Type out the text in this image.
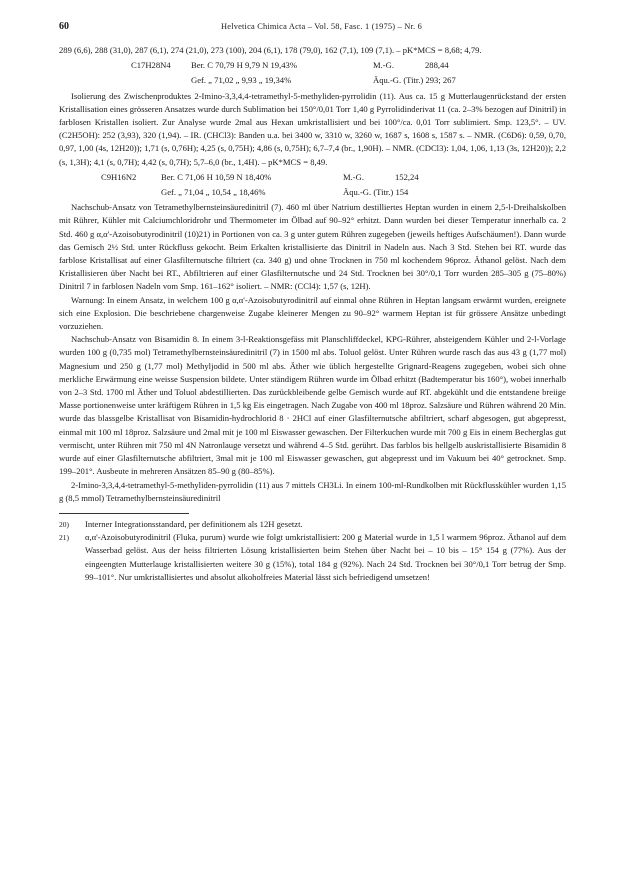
60	Helvetica Chimica Acta – Vol. 58, Fasc. 1 (1975) – Nr. 6

289 (6,6), 288 (31,0), 287 (6,1), 274 (21,0), 273 (100), 204 (6,1), 178 (79,0), 162 (7,1), 109 (7,1). – pK*MCS = 8,68; 4,79.

C17H28N4	Ber. C 70,79 H 9,79 N 19,43%	M.-G.	288,44
	Gef. „ 71,02 „ 9,93 „ 19,34%	Äqu.-G. (Titr.) 293; 267	

Isolierung des Zwischenproduktes 2-Imino-3,3,4,4-tetramethyl-5-methyliden-pyrrolidin (11). Aus ca. 15 g Mutterlaugenrückstand der ersten Kristallisation eines grösseren Ansatzes wurde durch Sublimation bei 150°/0,01 Torr 1,40 g Pyrrolidinderivat 11 (ca. 2–3% bezogen auf Dinitril) in farblosen Kristallen isoliert. Zur Analyse wurde 2mal aus Hexan umkristallisiert und bei 100°/ca. 0,01 Torr sublimiert. Smp. 123,5°. – UV. (C2H5OH): 252 (3,93), 320 (1,94). – IR. (CHCl3): Banden u.a. bei 3400 w, 3310 w, 3260 w, 1687 s, 1608 s, 1587 s. – NMR. (C6D6): 0,59, 0,70, 0,97, 1,00 (4s, 12H20)); 1,71 (s, 0,76H); 4,25 (s, 0,75H); 4,86 (s, 0,75H); 6,7–7,4 (br., 1,90H). – NMR. (CDCl3): 1,04, 1,06, 1,13 (3s, 12H20)); 2,2 (s, 1,3H); 4,1 (s, 0,7H); 4,42 (s, 0,7H); 5,7–6,0 (br., 1,4H). – pK*MCS = 8,49.

C9H16N2	Ber. C 71,06 H 10,59 N 18,40%	M.-G.	152,24
	Gef. „ 71,04 „ 10,54 „ 18,46%	Äqu.-G. (Titr.) 154	

Nachschub-Ansatz von Tetramethylbernsteinsäuredinitril (7). 460 ml über Natrium destilliertes Heptan wurden in einem 2,5-l-Dreihalskolben mit Rührer, Kühler mit Calciumchloridrohr und Thermometer im Ölbad auf 90–92° erhitzt. Dann wurden bei dieser Temperatur innerhalb ca. 2 Std. 460 g α,α'-Azoisobutyrodinitril (10)21) in Portionen von ca. 3 g unter gutem Rühren zugegeben (jeweils heftiges Aufschäumen!). Dann wurde das Gemisch 2½ Std. unter Rückfluss gekocht. Beim Erkalten kristallisierte das Dinitril in Nadeln aus. Nach 3 Std. Stehen bei RT. wurde das farblose Kristallisat auf einer Glasfilternutsche filtriert (ca. 340 g) und ohne Trocknen in 750 ml kochendem 96proz. Äthanol gelöst. Nach dem Kristallisieren über Nacht bei RT., Abfiltrieren auf einer Glasfilternutsche und 24 Std. Trocknen bei 30°/0,1 Torr wurden 285–305 g (75–80%) Dinitril 7 in farblosen Nadeln vom Smp. 161–162° isoliert. – NMR: (CCl4): 1,57 (s, 12H).

Warnung: In einem Ansatz, in welchem 100 g α,α'-Azoisobutyrodinitril auf einmal ohne Rühren in Heptan langsam erwärmt wurden, ereignete sich eine Explosion. Die beschriebene chargenweise Zugabe kleinerer Mengen zu 90–92° warmem Heptan ist für grössere Ansätze unbedingt vorzuziehen.

Nachschub-Ansatz von Bisamidin 8. In einem 3-l-Reaktionsgefäss mit Planschliffdeckel, KPG-Rührer, absteigendem Kühler und 2-l-Vorlage wurden 100 g (0,735 mol) Tetramethylbernsteinsäuredinitril (7) in 1500 ml abs. Toluol gelöst. Unter Rühren wurde rasch das aus 43 g (1,77 mol) Magnesium und 250 g (1,77 mol) Methyljodid in 500 ml abs. Äther wie üblich hergestellte Grignard-Reagens zugegeben, wobei sich ohne merkliche Erwärmung eine weisse Suspension bildete. Unter ständigem Rühren wurde im Ölbad erhitzt (Badtemperatur bis 160°), wobei innerhalb von 2–3 Std. 1700 ml Äther und Toluol abdestillierten. Das zurückbleibende gelbe Gemisch wurde auf RT. abgekühlt und die entstandene breiige Masse portionenweise unter kräftigem Rühren in 1,5 kg Eis eingetragen. Nach Zugabe von 400 ml 18proz. Salzsäure und Rühren während 20 Min. wurde das blassgelbe Kristallisat von Bisamidin-hydrochlorid 8 · 2HCl auf einer Glasfilternutsche abfiltriert, scharf abgesogen, gut abgepresst, einmal mit 100 ml 18proz. Salzsäure und 2mal mit je 100 ml Eiswasser gewaschen. Der Filterkuchen wurde mit 700 g Eis in einem Becherglas gut vermischt, unter Rühren mit 750 ml 4N Natronlauge versetzt und während 4–5 Std. gerührt. Das farblos bis hellgelb auskristallisierte Bisamidin 8 wurde auf einer Glasfilternutsche abfiltriert, 3mal mit je 100 ml Eiswasser gewaschen, gut abgepresst und im Vakuum bei 40° getrocknet. Smp. 199–201°. Ausbeute in mehreren Ansätzen 85–90 g (80–85%).

2-Imino-3,3,4,4-tetramethyl-5-methyliden-pyrrolidin (11) aus 7 mittels CH3Li. In einem 100-ml-Rundkolben mit Rückflusskühler wurden 1,15 g (8,5 mmol) Tetramethylbernsteinsäuredinitril

20)	Interner Integrationsstandard, per definitionem als 12H gesetzt.
21)	α,α'-Azoisobutyrodinitril (Fluka, purum) wurde wie folgt umkristallisiert: 200 g Material wurde in 1,5 l warmem 96proz. Äthanol auf dem Wasserbad gelöst. Aus der heiss filtrierten Lösung kristallisierten beim Stehen über Nacht bei – 10 bis – 15° 154 g (77%). Aus der eingeengten Mutterlauge kristallisierten weitere 30 g (15%), total 184 g (92%). Nach 24 Std. Trocknen bei 30°/0,1 Torr betrug der Smp. 99–101°. Nur umkristallisiertes und absolut alkoholfreies Material lässt sich befriedigend umsetzen!
